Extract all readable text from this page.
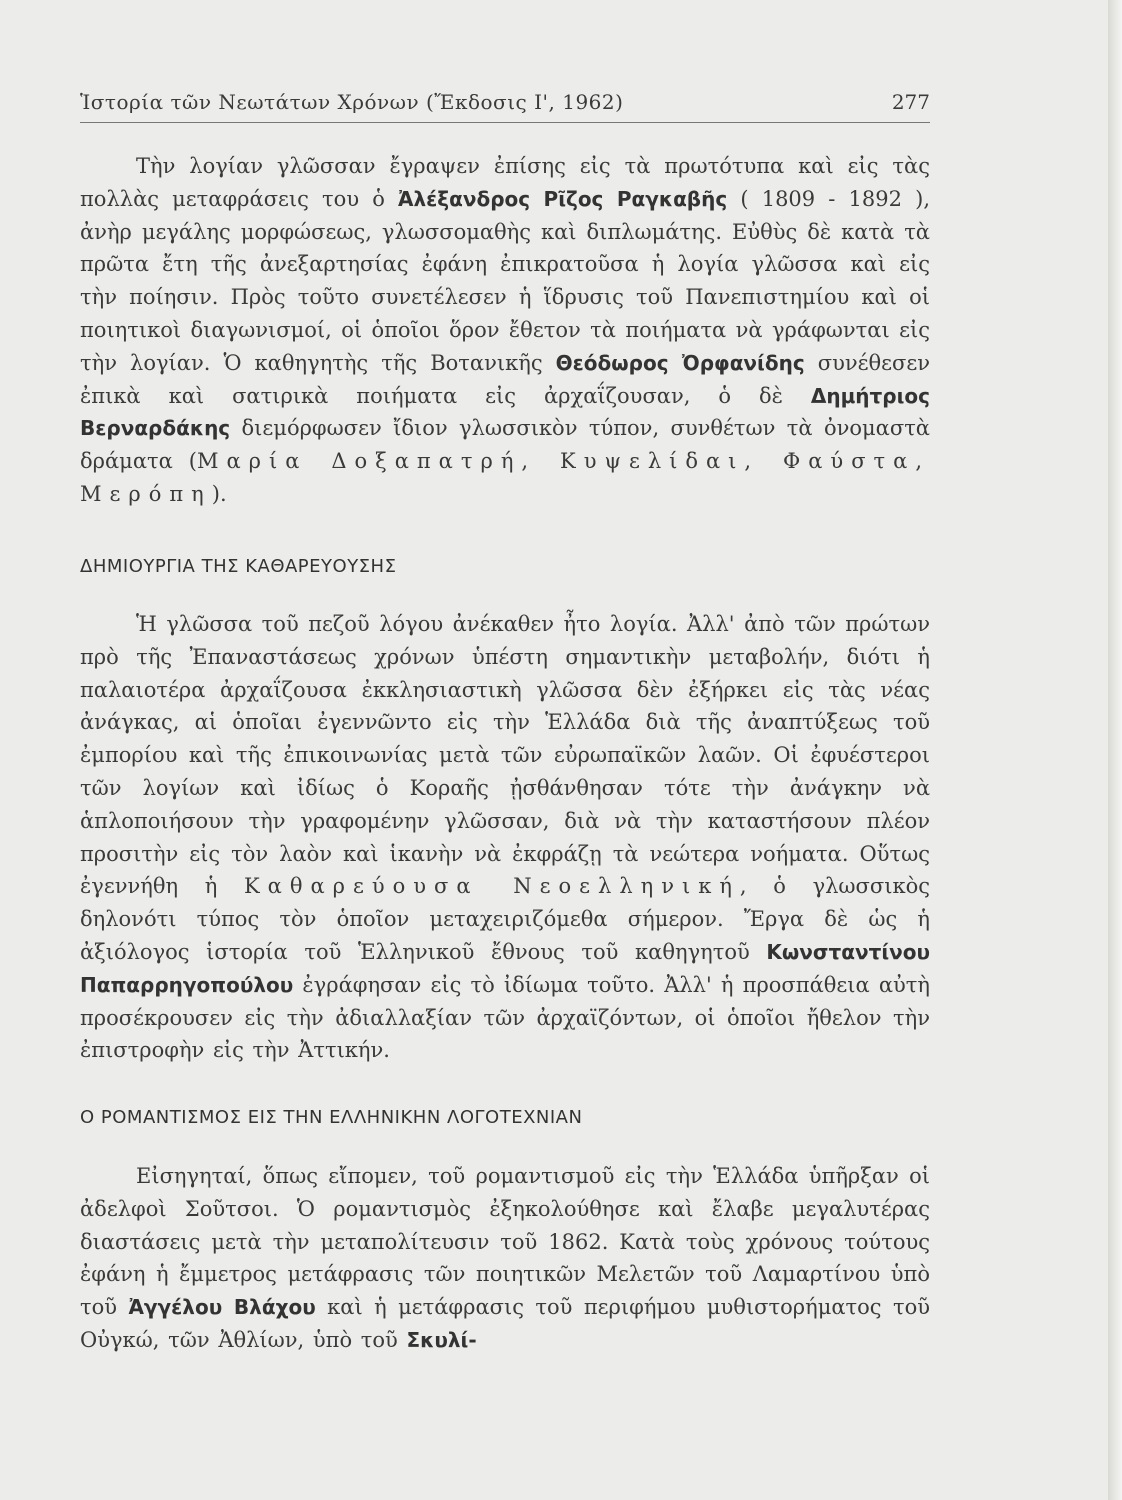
Ἱστορία τῶν Νεωτάτων Χρόνων (Ἔκδοσις Ι', 1962)	277

Τὴν λογίαν γλῶσσαν ἔγραψεν ἐπίσης εἰς τὰ πρωτότυπα καὶ εἰς τὰς πολλὰς μεταφράσεις του ὁ Ἀλέξανδρος Ρῖζος Ραγκαβῆς ( 1809 - 1892 ), ἀνὴρ μεγάλης μορφώσεως, γλωσσομαθὴς καὶ διπλωμάτης. Εὐθὺς δὲ κατὰ τὰ πρῶτα ἔτη τῆς ἀνεξαρτησίας ἐφάνη ἐπικρατοῦσα ἡ λογία γλῶσσα καὶ εἰς τὴν ποίησιν. Πρὸς τοῦτο συνετέλεσεν ἡ ἵδρυσις τοῦ Πανεπιστημίου καὶ οἱ ποιητικοὶ διαγωνισμοί, οἱ ὁποῖοι ὅρον ἔθετον τὰ ποιήματα νὰ γράφωνται εἰς τὴν λογίαν. Ὁ καθηγητὴς τῆς Βοτανικῆς Θεόδωρος Ὀρφανίδης συνέθεσεν ἐπικὰ καὶ σατιρικὰ ποιήματα εἰς ἀρχαΐζουσαν, ὁ δὲ Δημήτριος Βερναρδάκης διεμόρφωσεν ἴδιον γλωσσικὸν τύπον, συνθέτων τὰ ὀνομαστὰ δράματα (Μαρία Δοξαπατρή, Κυψελίδαι, Φαύστα, Μερόπη).

ΔΗΜΙΟΥΡΓΙΑ ΤΗΣ ΚΑΘΑΡΕΥΟΥΣΗΣ

Ἡ γλῶσσα τοῦ πεζοῦ λόγου ἀνέκαθεν ἦτο λογία. Ἀλλ' ἀπὸ τῶν πρώτων πρὸ τῆς Ἐπαναστάσεως χρόνων ὑπέστη σημαντικὴν μεταβολήν, διότι ἡ παλαιοτέρα ἀρχαΐζουσα ἐκκλησιαστικὴ γλῶσσα δὲν ἐξήρκει εἰς τὰς νέας ἀνάγκας, αἱ ὁποῖαι ἐγεννῶντο εἰς τὴν Ἑλλάδα διὰ τῆς ἀναπτύξεως τοῦ ἐμπορίου καὶ τῆς ἐπικοινωνίας μετὰ τῶν εὐρωπαϊκῶν λαῶν. Οἱ ἐφυέστεροι τῶν λογίων καὶ ἰδίως ὁ Κοραῆς ᾐσθάνθησαν τότε τὴν ἀνάγκην νὰ ἁπλοποιήσουν τὴν γραφομένην γλῶσσαν, διὰ νὰ τὴν καταστήσουν πλέον προσιτὴν εἰς τὸν λαὸν καὶ ἱκανὴν νὰ ἐκφράζῃ τὰ νεώτερα νοήματα. Οὕτως ἐγεννήθη ἡ Καθαρεύουσα Νεοελληνική, ὁ γλωσσικὸς δηλονότι τύπος τὸν ὁποῖον μεταχειριζόμεθα σήμερον. Ἔργα δὲ ὡς ἡ ἀξιόλογος ἱστορία τοῦ Ἑλληνικοῦ ἔθνους τοῦ καθηγητοῦ Κωνσταντίνου Παπαρρηγοπούλου ἐγράφησαν εἰς τὸ ἰδίωμα τοῦτο. Ἀλλ' ἡ προσπάθεια αὐτὴ προσέκρουσεν εἰς τὴν ἀδιαλλαξίαν τῶν ἀρχαϊζόντων, οἱ ὁποῖοι ἤθελον τὴν ἐπιστροφὴν εἰς τὴν Ἀττικήν.

Ο ΡΟΜΑΝΤΙΣΜΟΣ ΕΙΣ ΤΗΝ ΕΛΛΗΝΙΚΗΝ ΛΟΓΟΤΕΧΝΙΑΝ

Εἰσηγηταί, ὅπως εἴπομεν, τοῦ ρομαντισμοῦ εἰς τὴν Ἑλλάδα ὑπῆρξαν οἱ ἀδελφοὶ Σοῦτσοι. Ὁ ρομαντισμὸς ἐξηκολούθησε καὶ ἔλαβε μεγαλυτέρας διαστάσεις μετὰ τὴν μεταπολίτευσιν τοῦ 1862. Κατὰ τοὺς χρόνους τούτους ἐφάνη ἡ ἔμμετρος μετάφρασις τῶν ποιητικῶν Μελετῶν τοῦ Λαμαρτίνου ὑπὸ τοῦ Ἀγγέλου Βλάχου καὶ ἡ μετάφρασις τοῦ περιφήμου μυθιστορήματος τοῦ Οὐγκώ, τῶν Ἀθλίων, ὑπὸ τοῦ Σκυλί-
